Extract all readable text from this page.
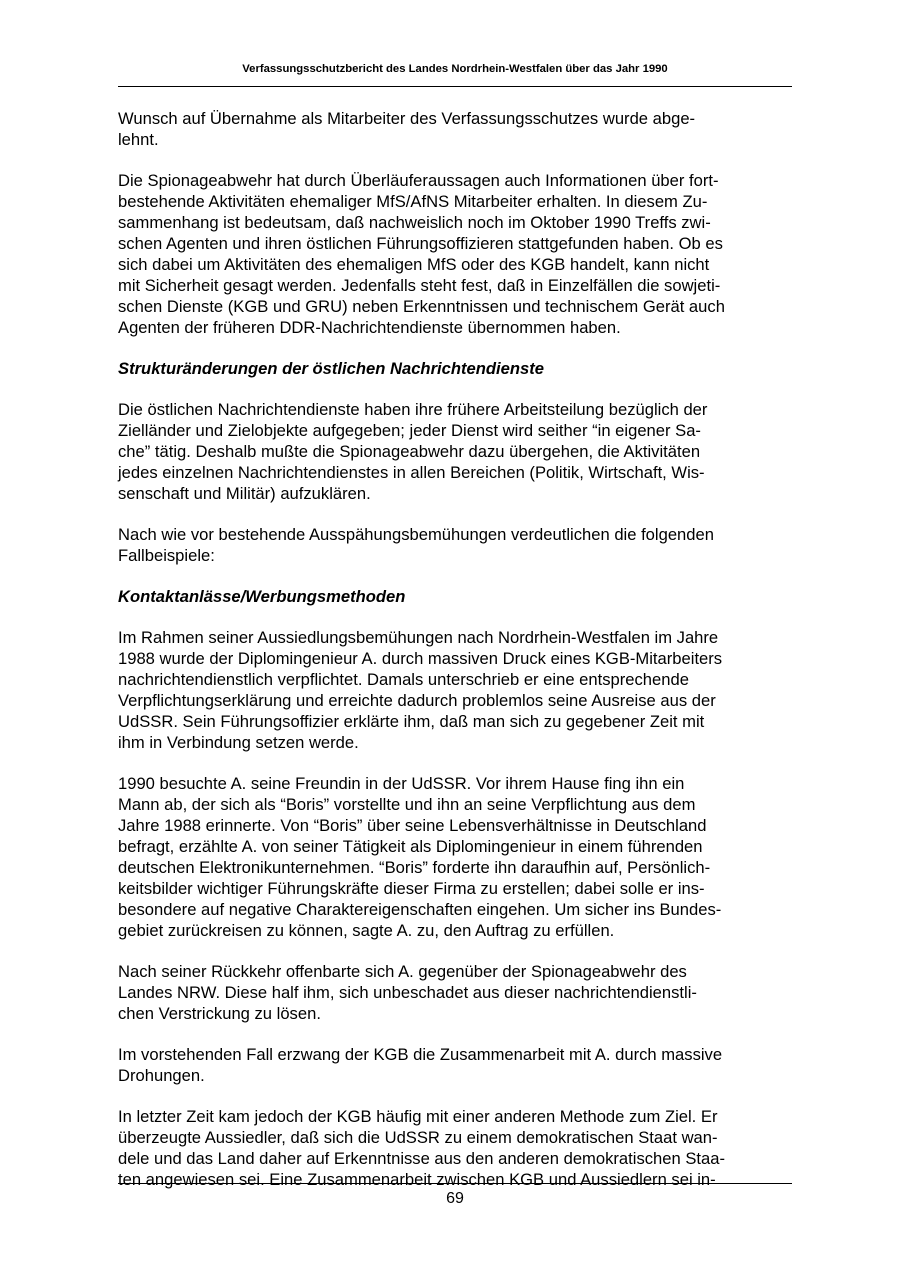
Verfassungsschutzbericht des Landes Nordrhein-Westfalen über das Jahr 1990
Wunsch auf Übernahme als Mitarbeiter des Verfassungsschutzes wurde abge-
lehnt.
Die Spionageabwehr hat durch Überläuferaussagen auch Informationen über fort-
bestehende Aktivitäten ehemaliger MfS/AfNS Mitarbeiter erhalten. In diesem Zu-
sammenhang ist bedeutsam, daß nachweislich noch im Oktober 1990 Treffs zwi-
schen Agenten und ihren östlichen Führungsoffizieren stattgefunden haben. Ob es
sich dabei um Aktivitäten des ehemaligen MfS oder des KGB handelt, kann nicht
mit Sicherheit gesagt werden. Jedenfalls steht fest, daß in Einzelfällen die sowjeti-
schen Dienste (KGB und GRU) neben Erkenntnissen und technischem Gerät auch
Agenten der früheren DDR-Nachrichtendienste übernommen haben.
Strukturänderungen der östlichen Nachrichtendienste
Die östlichen Nachrichtendienste haben ihre frühere Arbeitsteilung bezüglich der
Zielländer und Zielobjekte aufgegeben; jeder Dienst wird seither “in eigener Sa-
che” tätig. Deshalb mußte die Spionageabwehr dazu übergehen, die Aktivitäten
jedes einzelnen Nachrichtendienstes in allen Bereichen (Politik, Wirtschaft, Wis-
senschaft und Militär) aufzuklären.
Nach wie vor bestehende Ausspähungsbemühungen verdeutlichen die folgenden
Fallbeispiele:
Kontaktanlässe/Werbungsmethoden
Im Rahmen seiner Aussiedlungsbemühungen nach Nordrhein-Westfalen im Jahre
1988 wurde der Diplomingenieur A. durch massiven Druck eines KGB-Mitarbeiters
nachrichtendienstlich verpflichtet. Damals unterschrieb er eine entsprechende
Verpflichtungserklärung und erreichte dadurch problemlos seine Ausreise aus der
UdSSR. Sein Führungsoffizier erklärte ihm, daß man sich zu gegebener Zeit mit
ihm in Verbindung setzen werde.
1990 besuchte A. seine Freundin in der UdSSR. Vor ihrem Hause fing ihn ein
Mann ab, der sich als “Boris” vorstellte und ihn an seine Verpflichtung aus dem
Jahre 1988 erinnerte. Von “Boris” über seine Lebensverhältnisse in Deutschland
befragt, erzählte A. von seiner Tätigkeit als Diplomingenieur in einem führenden
deutschen Elektronikunternehmen. “Boris” forderte ihn daraufhin auf, Persönlich-
keitsbilder wichtiger Führungskräfte dieser Firma zu erstellen; dabei solle er ins-
besondere auf negative Charaktereigenschaften eingehen. Um sicher ins Bundes-
gebiet zurückreisen zu können, sagte A. zu, den Auftrag zu erfüllen.
Nach seiner Rückkehr offenbarte sich A. gegenüber der Spionageabwehr des
Landes NRW. Diese half ihm, sich unbeschadet aus dieser nachrichtendienstli-
chen Verstrickung zu lösen.
Im vorstehenden Fall erzwang der KGB die Zusammenarbeit mit A. durch massive
Drohungen.
In letzter Zeit kam jedoch der KGB häufig mit einer anderen Methode zum Ziel. Er
überzeugte Aussiedler, daß sich die UdSSR zu einem demokratischen Staat wan-
dele und das Land daher auf Erkenntnisse aus den anderen demokratischen Staa-
ten angewiesen sei. Eine Zusammenarbeit zwischen KGB und Aussiedlern sei in-
69
